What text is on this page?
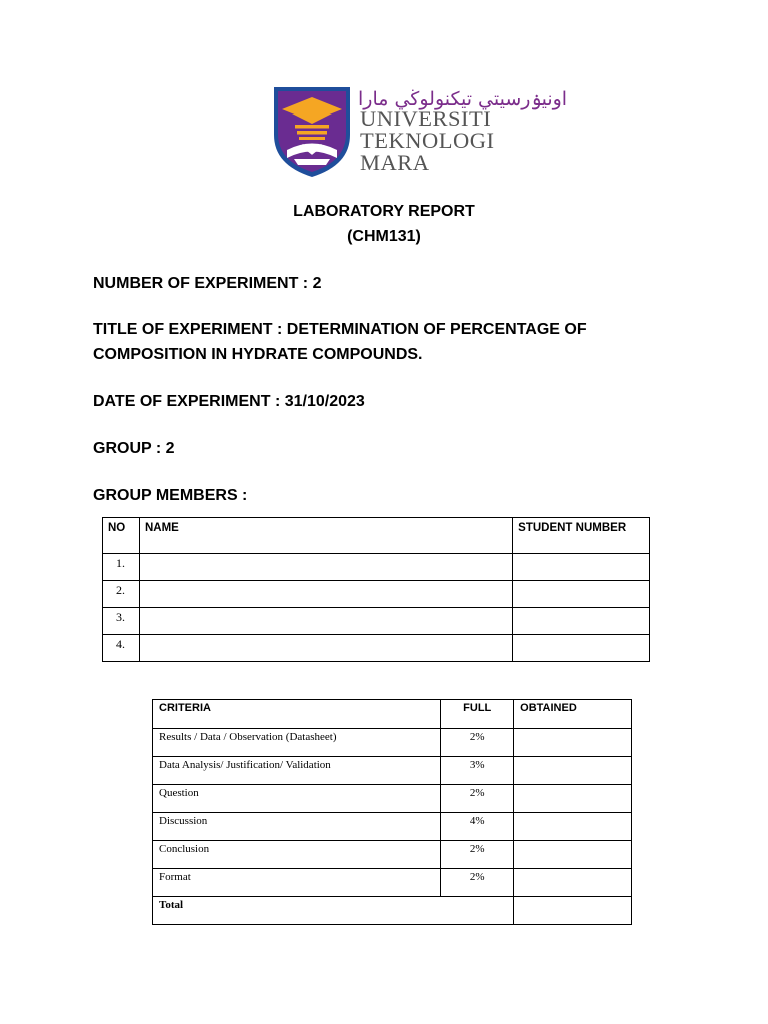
اونيۏرسيتي تيكنولوڬي مارا
UNIVERSITI
TEKNOLOGI
MARA
LABORATORY REPORT
(CHM131)
NUMBER OF EXPERIMENT : 2
TITLE OF EXPERIMENT : DETERMINATION OF PERCENTAGE OF
COMPOSITION IN HYDRATE COMPOUNDS.
DATE OF EXPERIMENT : 31/10/2023
GROUP : 2
GROUP MEMBERS :
NO	NAME	STUDENT NUMBER
1.		
2.		
3.		
4.		
CRITERIA	FULL	OBTAINED
Results / Data / Observation (Datasheet)	2%	
Data Analysis/ Justification/ Validation	3%	
Question	2%	
Discussion	4%	
Conclusion	2%	
Format	2%	
Total		
